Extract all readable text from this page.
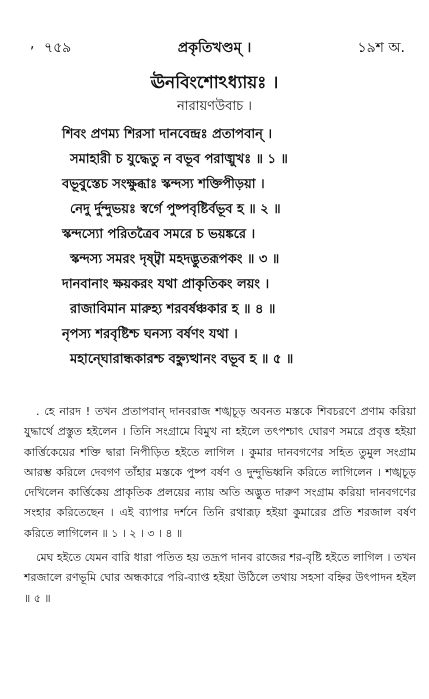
, ৭৫৯	প্রকৃতিখণ্ডম্ ।	১৯শ অ.
ঊনবিংশোঽধ্যায়ঃ ।
নারায়ণউবাচ ।
শিবং প্রণম্য শিরসা দানবেন্দ্রঃ প্রতাপবান্ ।
সমাহারী চ যুদ্ধেতু ন বভূব পরাঙ্মুখঃ ॥ ১ ॥
বভূবুস্তেচ সংক্ষুব্ধাঃ স্কন্দস্য শক্তিপীড়য়া ।
নেদু র্দুন্দুভয়ঃ স্বর্গে পুষ্পবৃষ্টির্বভূব হ ॥ ২ ॥
স্কন্দস্যো পরিতত্রৈব সমরে চ ভয়ঙ্করে ।
স্কন্দস্য সমরং দৃষ্ট্বা মহদদ্ভুতরূপকং ॥ ৩ ॥
দানবানাং ক্ষয়করং যথা প্রাকৃতিকং লয়ং ।
রাজাবিমান মারুহ্য শরবর্ষঞ্চকার হ ॥ ৪ ॥
নৃপস্য শরবৃষ্টিশ্চ ঘনস্য বর্ষণং যথা ।
মহান্ঘোরান্ধকারশ্চ বহ্ন্যুত্থানং বভূব হ ॥ ৫ ॥

. হে নারদ ! তখন প্রতাপবান্ দানবরাজ শঙ্খচূড় অবনত মস্তকে শিবচরণে প্রণাম করিয়া যুদ্ধার্থে প্রস্তুত হইলেন । তিনি সংগ্রামে বিমুখ না হইলে তৎপশ্চাৎ ঘোরণ সমরে প্রবৃত্ত হইয়া কার্ত্তিকেয়ের শক্তি দ্বারা নিপীড়িত হইতে লাগিল । কুমার দানবগণের সহিত তুমুল সংগ্রাম আরম্ভ করিলে দেবগণ তাঁহার মস্তকে পুষ্প বর্ষণ ও দুন্দুভিধ্বনি করিতে লাগিলেন । শঙ্খচূড় দেখিলেন কার্ত্তিকেয় প্রাকৃতিক প্রলয়ের ন্যায় অতি অদ্ভুত দারুণ সংগ্রাম করিয়া দানবগণের সংহার করিতেছেন । এই ব্যাপার দর্শনে তিনি রথারূঢ় হইয়া কুমারের প্রতি শরজাল বর্ষণ করিতে লাগিলেন ॥ ১ । ২ । ৩ । ৪ ॥

মেঘ হইতে যেমন বারি ধারা পতিত হয় তদ্রূপ দানব রাজের শর-বৃষ্টি হইতে লাগিল । তখন শরজালে রণভূমি ঘোর অন্ধকারে পরি-ব্যাপ্ত হইয়া উঠিলে তথায় সহসা বহ্নির উৎপাদন হইল ॥ ৫ ॥
